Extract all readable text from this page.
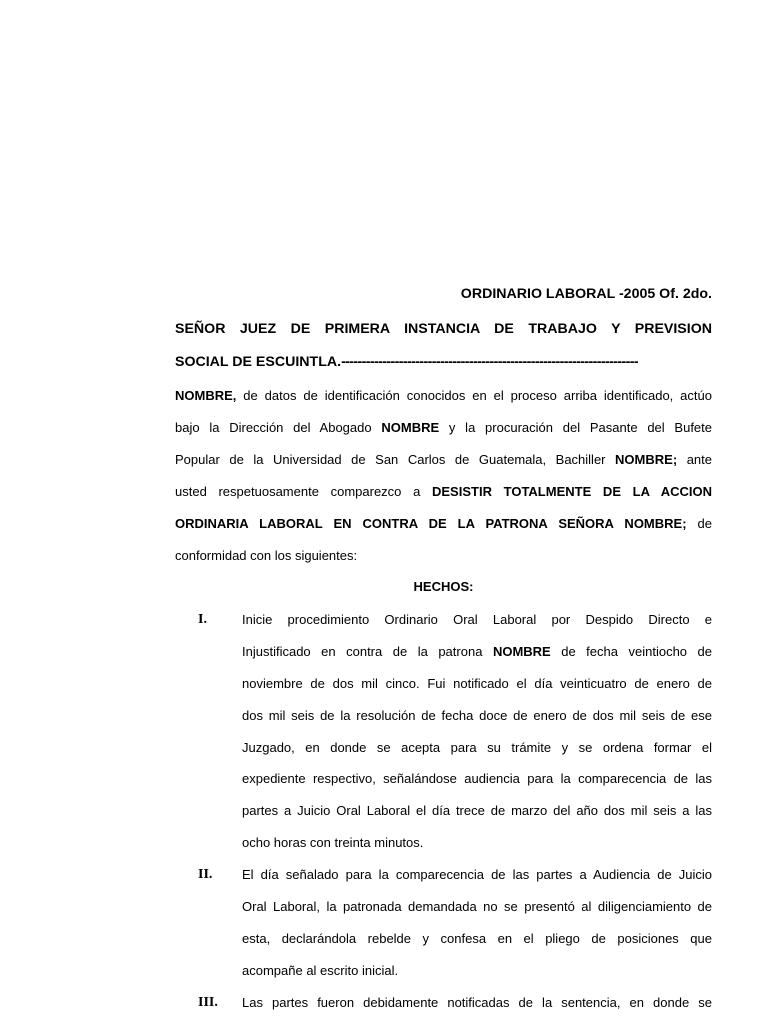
ORDINARIO LABORAL -2005 Of. 2do.
SEÑOR JUEZ DE PRIMERA INSTANCIA DE TRABAJO Y PREVISION
SOCIAL DE ESCUINTLA.------------------------------------------------------------------------
NOMBRE, de datos de identificación conocidos en el proceso arriba identificado, actúo
bajo la Dirección del Abogado NOMBRE y la procuración del Pasante del Bufete
Popular de la Universidad de San Carlos de Guatemala, Bachiller NOMBRE; ante
usted respetuosamente comparezco a DESISTIR TOTALMENTE DE LA ACCION
ORDINARIA LABORAL EN CONTRA DE LA PATRONA SEÑORA NOMBRE; de
conformidad con los siguientes:
HECHOS:
I.	Inicie procedimiento Ordinario Oral Laboral por Despido Directo e
Injustificado en contra de la patrona NOMBRE de fecha veintiocho de
noviembre de dos mil cinco. Fui notificado el día veinticuatro de enero de
dos mil seis de la resolución de fecha doce de enero de dos mil seis de ese
Juzgado, en donde se acepta para su trámite y se ordena formar el
expediente respectivo, señalándose audiencia para la comparecencia de las
partes a Juicio Oral Laboral el día trece de marzo del año dos mil seis a las
ocho horas con treinta minutos.
II. El día señalado para la comparecencia de las partes a Audiencia de Juicio
Oral Laboral, la patronada demandada no se presentó al diligenciamiento de
esta, declarándola rebelde y confesa en el pliego de posiciones que
acompañe al escrito inicial.
III. Las partes fueron debidamente notificadas de la sentencia, en donde se
